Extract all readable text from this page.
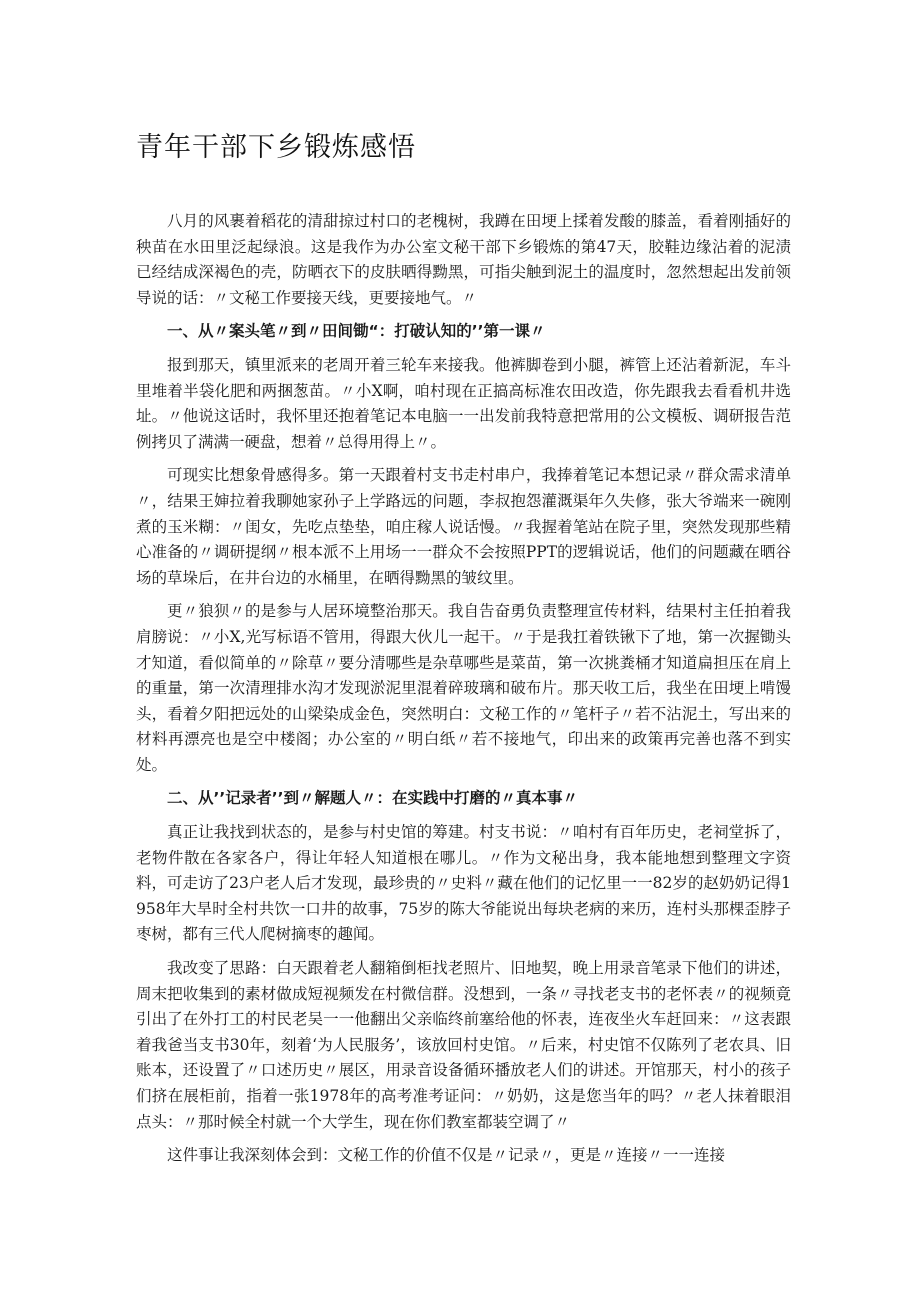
青年干部下乡锻炼感悟

八月的风裹着稻花的清甜掠过村口的老槐树，我蹲在田埂上揉着发酸的膝盖，看着刚插好的秧苗在水田里泛起绿浪。这是我作为办公室文秘干部下乡锻炼的第47天，胶鞋边缘沾着的泥渍已经结成深褐色的壳，防晒衣下的皮肤晒得黝黑，可指尖触到泥土的温度时，忽然想起出发前领导说的话：〃文秘工作要接天线，更要接地气。〃

一、从〃案头笔〃到〃田间锄“：打破认知的’’第一课〃

报到那天，镇里派来的老周开着三轮车来接我。他裤脚卷到小腿，裤管上还沾着新泥，车斗里堆着半袋化肥和两捆葱苗。〃小X啊，咱村现在正搞高标准农田改造，你先跟我去看看机井选址。〃他说这话时，我怀里还抱着笔记本电脑一一出发前我特意把常用的公文模板、调研报告范例拷贝了满满一硬盘，想着〃总得用得上〃。

可现实比想象骨感得多。第一天跟着村支书走村串户，我捧着笔记本想记录〃群众需求清单〃，结果王婶拉着我聊她家孙子上学路远的问题，李叔抱怨灌溉渠年久失修，张大爷端来一碗刚煮的玉米糊：〃闺女，先吃点垫垫，咱庄稼人说话慢。〃我握着笔站在院子里，突然发现那些精心准备的〃调研提纲〃根本派不上用场一一群众不会按照PPT的逻辑说话，他们的问题藏在晒谷场的草垛后，在井台边的水桶里，在晒得黝黑的皱纹里。

更〃狼狈〃的是参与人居环境整治那天。我自告奋勇负责整理宣传材料，结果村主任拍着我肩膀说：〃小X,光写标语不管用，得跟大伙儿一起干。〃于是我扛着铁锹下了地，第一次握锄头才知道，看似简单的〃除草〃要分清哪些是杂草哪些是菜苗，第一次挑粪桶才知道扁担压在肩上的重量，第一次清理排水沟才发现淤泥里混着碎玻璃和破布片。那天收工后，我坐在田埂上啃馒头，看着夕阳把远处的山梁染成金色，突然明白：文秘工作的〃笔杆子〃若不沾泥土，写出来的材料再漂亮也是空中楼阁；办公室的〃明白纸〃若不接地气，印出来的政策再完善也落不到实处。

二、从’’记录者’’到〃解题人〃：在实践中打磨的〃真本事〃

真正让我找到状态的，是参与村史馆的筹建。村支书说：〃咱村有百年历史，老祠堂拆了，老物件散在各家各户，得让年轻人知道根在哪儿。〃作为文秘出身，我本能地想到整理文字资料，可走访了23户老人后才发现，最珍贵的〃史料〃藏在他们的记忆里一一82岁的赵奶奶记得1958年大旱时全村共饮一口井的故事，75岁的陈大爷能说出每块老病的来历，连村头那棵歪脖子枣树，都有三代人爬树摘枣的趣闻。

我改变了思路：白天跟着老人翻箱倒柜找老照片、旧地契，晚上用录音笔录下他们的讲述，周末把收集到的素材做成短视频发在村微信群。没想到，一条〃寻找老支书的老怀表〃的视频竟引出了在外打工的村民老吴一一他翻出父亲临终前塞给他的怀表，连夜坐火车赶回来：〃这表跟着我爸当支书30年，刻着‘为人民服务’，该放回村史馆。〃后来，村史馆不仅陈列了老农具、旧账本，还设置了〃口述历史〃展区，用录音设备循环播放老人们的讲述。开馆那天，村小的孩子们挤在展柜前，指着一张1978年的高考准考证问：〃奶奶，这是您当年的吗？〃老人抹着眼泪点头：〃那时候全村就一个大学生，现在你们教室都装空调了〃

这件事让我深刻体会到：文秘工作的价值不仅是〃记录〃，更是〃连接〃一一连接
